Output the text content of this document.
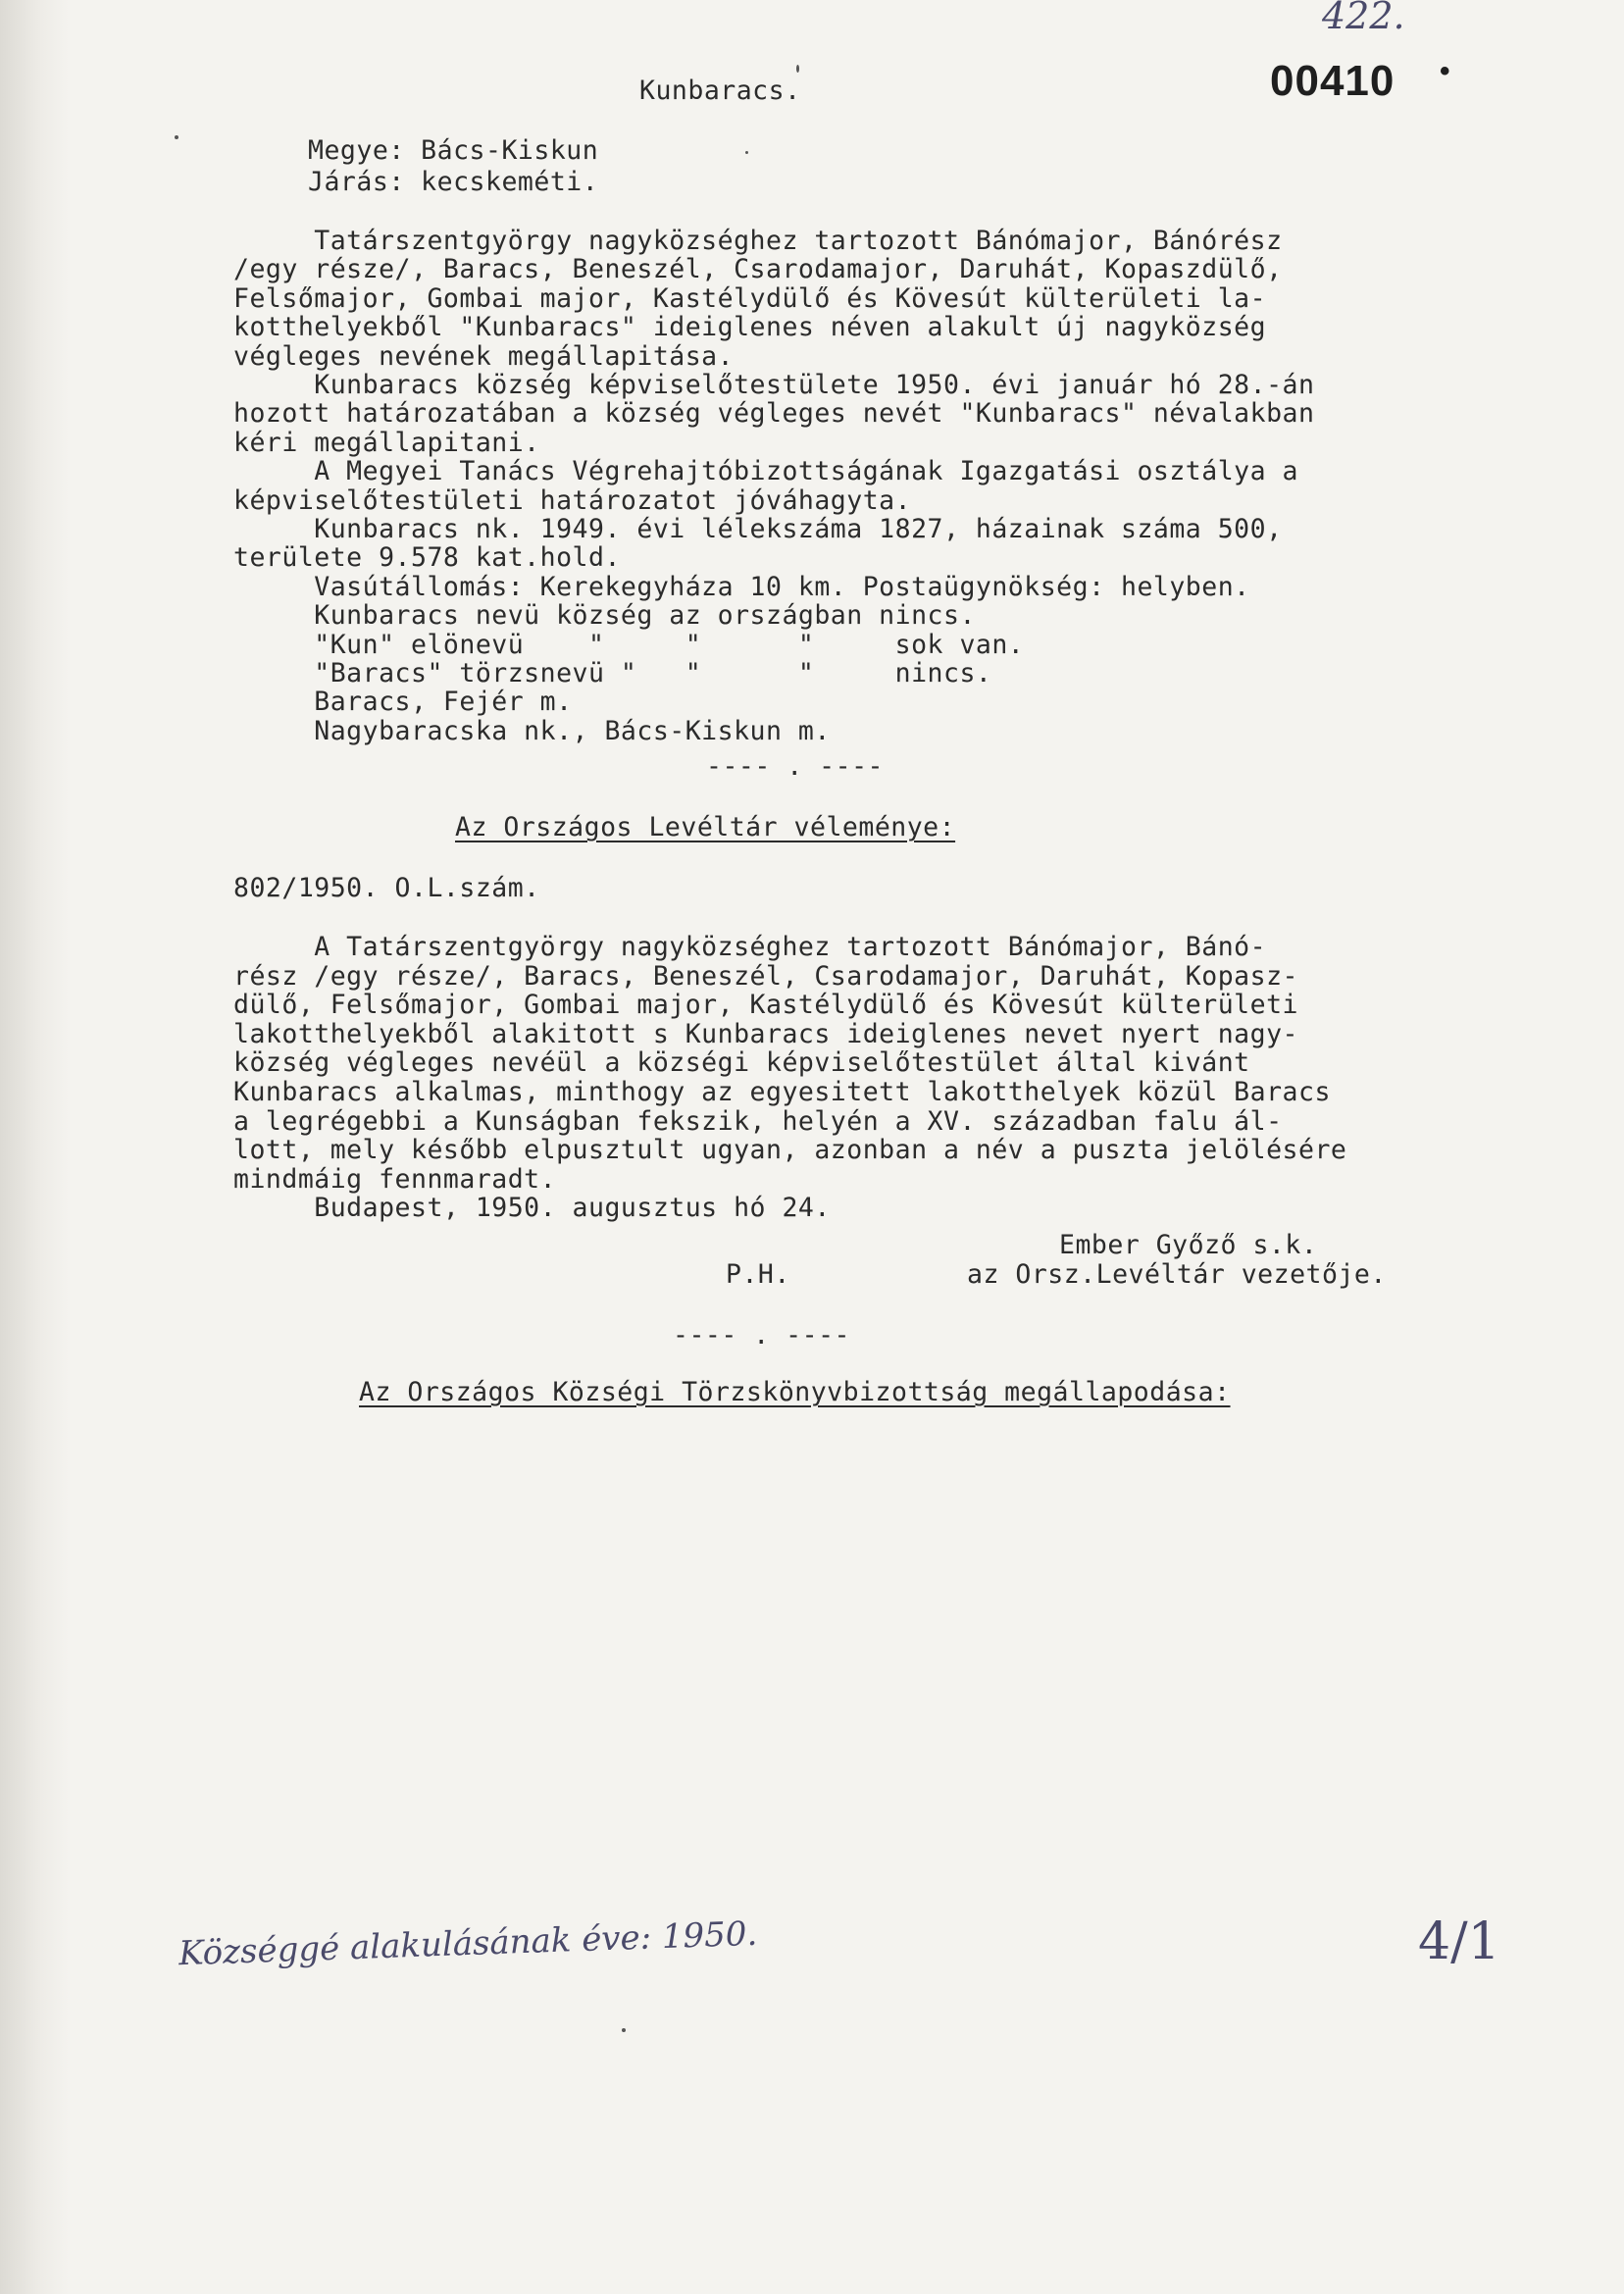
422.
00410 •
Kunbaracs.
Megye: Bács-Kiskun
Járás: kecskeméti.
Tatárszentgyörgy nagyközséghez tartozott Bánómajor, Bánórész
/egy része/, Baracs, Beneszél, Csarodamajor, Daruhát, Kopaszdülő,
Felsőmajor, Gombai major, Kastélydülő és Kövesút külterületi la-
kotthelyekből "Kunbaracs" ideiglenes néven alakult új nagyközség
végleges nevének megállapitása.
Kunbaracs község képviselőtestülete 1950. évi január hó 28.-án
hozott határozatában a község végleges nevét "Kunbaracs" névalakban
kéri megállapitani.
A Megyei Tanács Végrehajtóbizottságának Igazgatási osztálya a
képviselőtestületi határozatot jóváhagyta.
Kunbaracs nk. 1949. évi lélekszáma 1827, házainak száma 500,
területe 9.578 kat.hold.
Vasútállomás: Kerekegyháza 10 km. Postaügynökség: helyben.
Kunbaracs nevü község az országban nincs.
"Kun" elönevü    "     "      "     sok van.
"Baracs" törzsnevü "   "      "     nincs.
Baracs, Fejér m.
Nagybaracska nk., Bács-Kiskun m.
---- . ----
Az Országos Levéltár véleménye:
802/1950. O.L.szám.
A Tatárszentgyörgy nagyközséghez tartozott Bánómajor, Bánó-
rész /egy része/, Baracs, Beneszél, Csarodamajor, Daruhát, Kopasz-
dülő, Felsőmajor, Gombai major, Kastélydülő és Kövesút külterületi
lakotthelyekből alakitott s Kunbaracs ideiglenes nevet nyert nagy-
község végleges nevéül a községi képviselőtestület által kivánt
Kunbaracs alkalmas, minthogy az egyesitett lakotthelyek közül Baracs
a legrégebbi a Kunságban fekszik, helyén a XV. században falu ál-
lott, mely később elpusztult ugyan, azonban a név a puszta jelölésére
mindmáig fennmaradt.
Budapest, 1950. augusztus hó 24.
Ember Győző s.k.
P.H.	az Orsz.Levéltár vezetője.
---- . ----
Az Országos Községi Törzskönyvbizottság megállapodása:
Községgé alakulásának éve: 1950.	4/1
